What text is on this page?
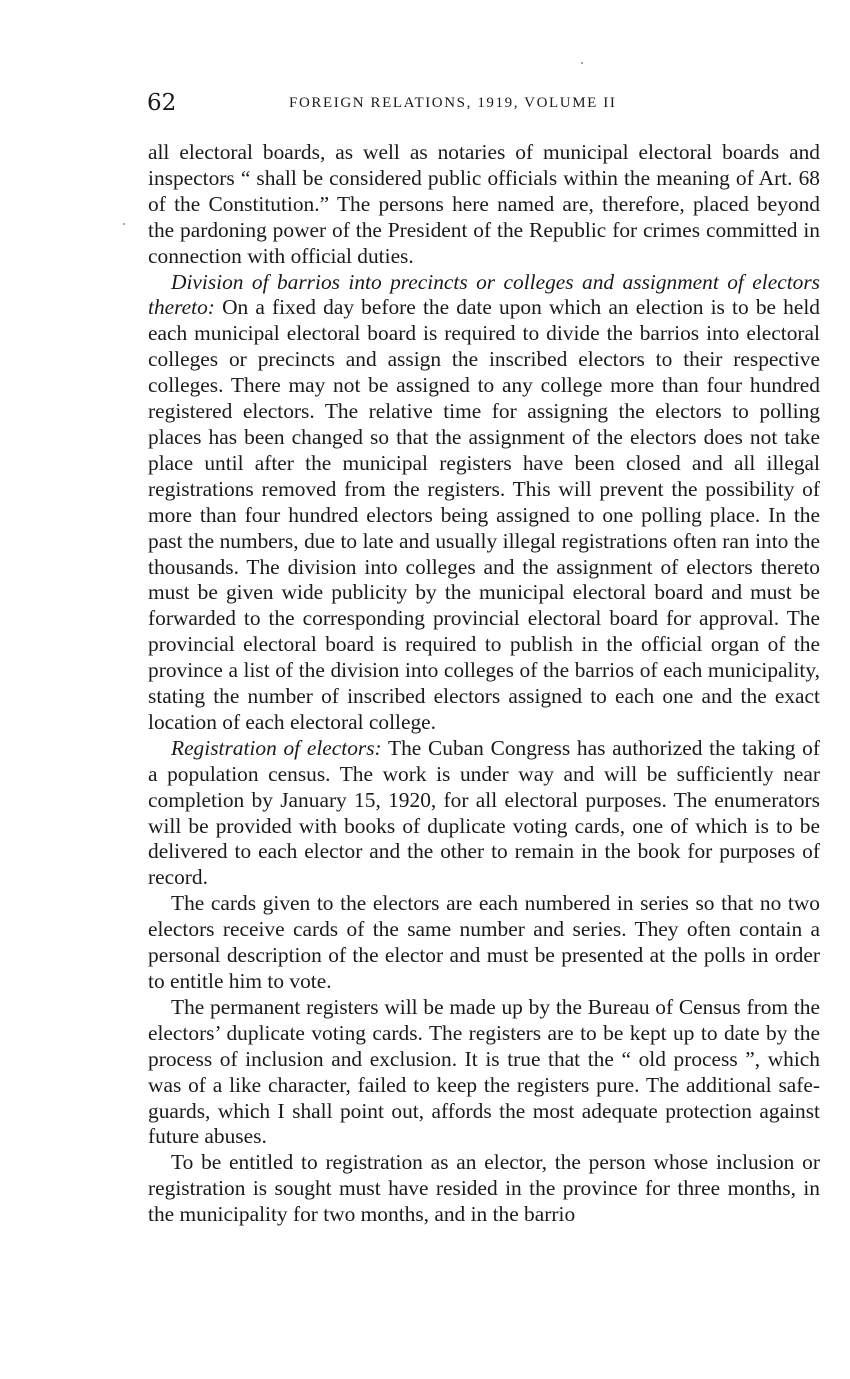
62	FOREIGN RELATIONS, 1919, VOLUME II

all electoral boards, as well as notaries of municipal electoral boards and inspectors “ shall be considered public officials within the meaning of Art. 68 of the Constitution.” The persons here named are, therefore, placed beyond the pardoning power of the President of the Republic for crimes committed in connection with official duties.

Division of barrios into precincts or colleges and assignment of electors thereto: On a fixed day before the date upon which an election is to be held each municipal electoral board is required to divide the barrios into electoral colleges or precincts and assign the inscribed electors to their respective colleges. There may not be assigned to any college more than four hundred registered electors. The relative time for assigning the electors to polling places has been changed so that the assignment of the electors does not take place until after the municipal registers have been closed and all illegal registrations removed from the registers. This will prevent the possibility of more than four hundred electors being assigned to one polling place. In the past the numbers, due to late and usually illegal registrations often ran into the thousands. The division into colleges and the assignment of electors thereto must be given wide publicity by the municipal electoral board and must be forwarded to the corresponding provincial electoral board for approval. The provincial electoral board is required to publish in the official organ of the province a list of the division into colleges of the barrios of each municipality, stating the number of inscribed electors assigned to each one and the exact location of each electoral college.

Registration of electors: The Cuban Congress has authorized the taking of a population census. The work is under way and will be sufficiently near completion by January 15, 1920, for all electoral purposes. The enumerators will be provided with books of duplicate voting cards, one of which is to be delivered to each elector and the other to remain in the book for purposes of record.

The cards given to the electors are each numbered in series so that no two electors receive cards of the same number and series. They often contain a personal description of the elector and must be presented at the polls in order to entitle him to vote.

The permanent registers will be made up by the Bureau of Census from the electors’ duplicate voting cards. The registers are to be kept up to date by the process of inclusion and exclusion. It is true that the “ old process ”, which was of a like character, failed to keep the registers pure. The additional safe-guards, which I shall point out, affords the most adequate protection against future abuses.

To be entitled to registration as an elector, the person whose inclusion or registration is sought must have resided in the province for three months, in the municipality for two months, and in the barrio
